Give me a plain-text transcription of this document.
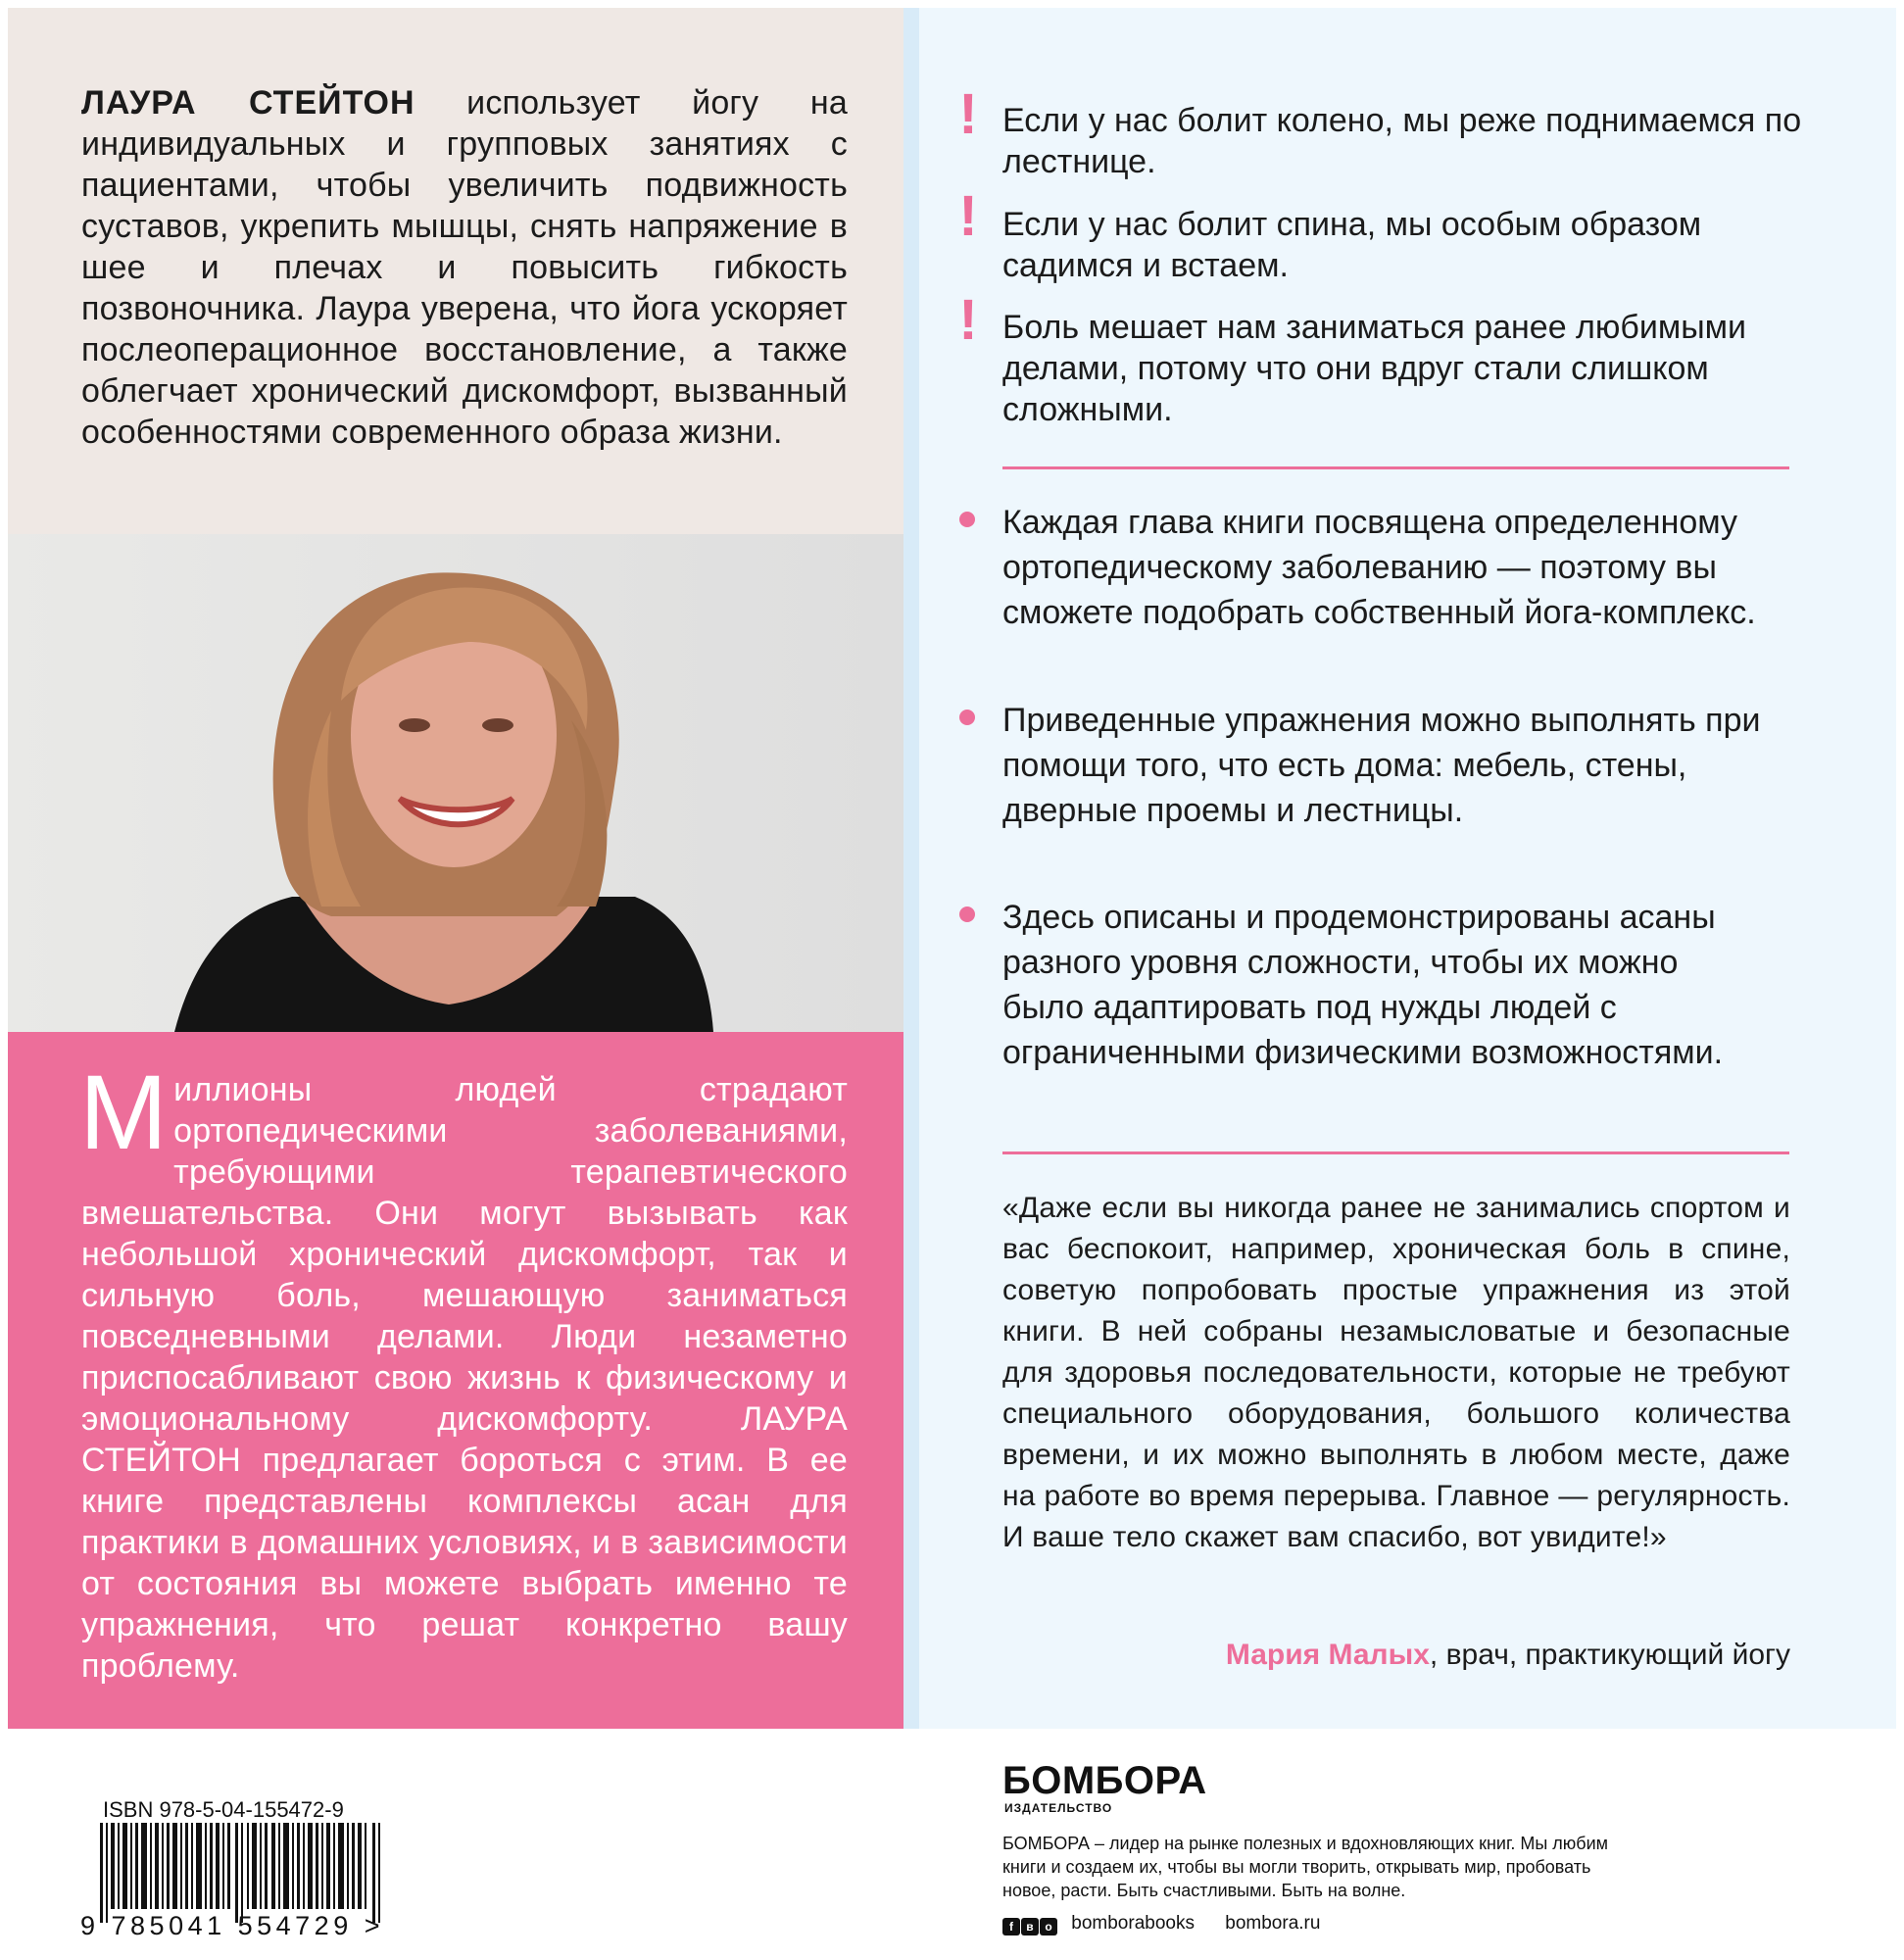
ЛАУРА СТЕЙТОН использует йогу на индивидуальных и групповых занятиях с пациентами, чтобы увеличить подвижность суставов, укрепить мышцы, снять напряжение в шее и плечах и повысить гибкость позвоночника. Лаура уверена, что йога ускоряет послеоперационное восстановление, а также облегчает хронический дискомфорт, вызванный особенностями современного образа жизни.
Миллионы людей страдают ортопедическими заболеваниями, требующими терапевтического вмешательства. Они могут вызывать как небольшой хронический дискомфорт, так и сильную боль, мешающую заниматься повседневными делами. Люди незаметно приспосабливают свою жизнь к физическому и эмоциональному дискомфорту. ЛАУРА СТЕЙТОН предлагает бороться с этим. В ее книге представлены комплексы асан для практики в домашних условиях, и в зависимости от состояния вы можете выбрать именно те упражнения, что решат конкретно вашу проблему.
! Если у нас болит колено, мы реже поднимаемся по лестнице.
! Если у нас болит спина, мы особым образом садимся и встаем.
! Боль мешает нам заниматься ранее любимыми делами, потому что они вдруг стали слишком сложными.
Каждая глава книги посвящена определенному ортопедическому заболеванию — поэтому вы сможете подобрать собственный йога-комплекс.
Приведенные упражнения можно выполнять при помощи того, что есть дома: мебель, стены, дверные проемы и лестницы.
Здесь описаны и продемонстрированы асаны разного уровня сложности, чтобы их можно было адаптировать под нужды людей с ограниченными физическими возможностями.
«Даже если вы никогда ранее не занимались спортом и вас беспокоит, например, хроническая боль в спине, советую попробовать простые упражнения из этой книги. В ней собраны незамысловатые и безопасные для здоровья последовательности, которые не требуют специального оборудования, большого количества времени, и их можно выполнять в любом месте, даже на работе во время перерыва. Главное — регулярность. И ваше тело скажет вам спасибо, вот увидите!»
Мария Малых, врач, практикующий йогу
ISBN 978-5-04-155472-9
9 785041 554729 >
БОМБОРА
ИЗДАТЕЛЬСТВО
БОМБОРА – лидер на рынке полезных и вдохновляющих книг. Мы любим книги и создаем их, чтобы вы могли творить, открывать мир, пробовать новое, расти. Быть счастливыми. Быть на волне.
f в о bomborabooks bombora.ru
